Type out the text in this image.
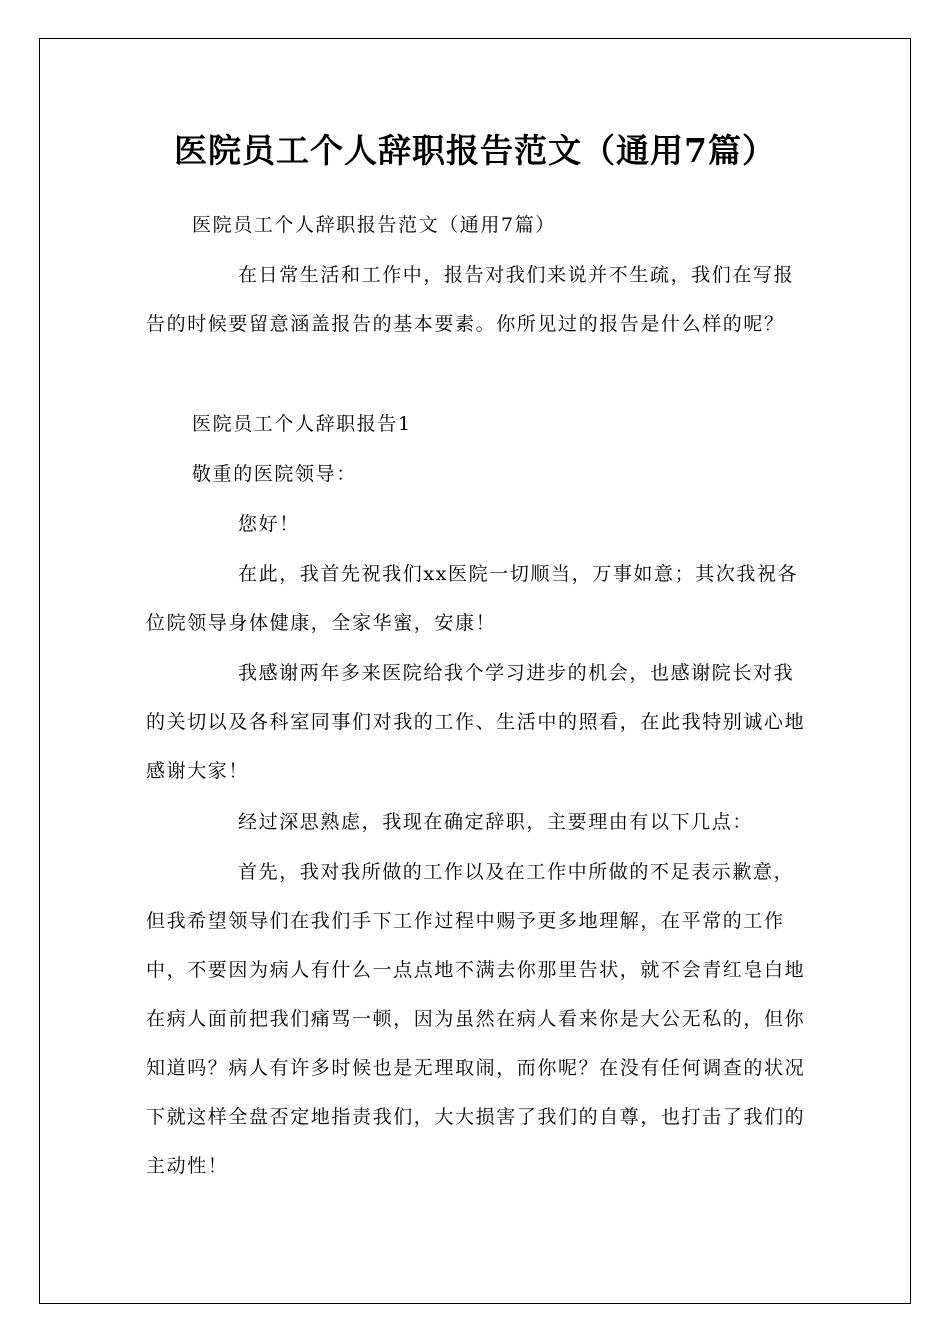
医院员工个人辞职报告范文（通用7篇）

医院员工个人辞职报告范文（通用7篇）

在日常生活和工作中，报告对我们来说并不生疏，我们在写报告的时候要留意涵盖报告的基本要素。你所见过的报告是什么样的呢？

医院员工个人辞职报告1

敬重的医院领导：

您好！

在此，我首先祝我们xx医院一切顺当，万事如意；其次我祝各位院领导身体健康，全家华蜜，安康！

我感谢两年多来医院给我个学习进步的机会，也感谢院长对我的关切以及各科室同事们对我的工作、生活中的照看，在此我特别诚心地感谢大家！

经过深思熟虑，我现在确定辞职，主要理由有以下几点：

首先，我对我所做的工作以及在工作中所做的不足表示歉意，但我希望领导们在我们手下工作过程中赐予更多地理解，在平常的工作中，不要因为病人有什么一点点地不满去你那里告状，就不会青红皂白地在病人面前把我们痛骂一顿，因为虽然在病人看来你是大公无私的，但你知道吗？病人有许多时候也是无理取闹，而你呢？在没有任何调查的状况下就这样全盘否定地指责我们，大大损害了我们的自尊，也打击了我们的主动性！
